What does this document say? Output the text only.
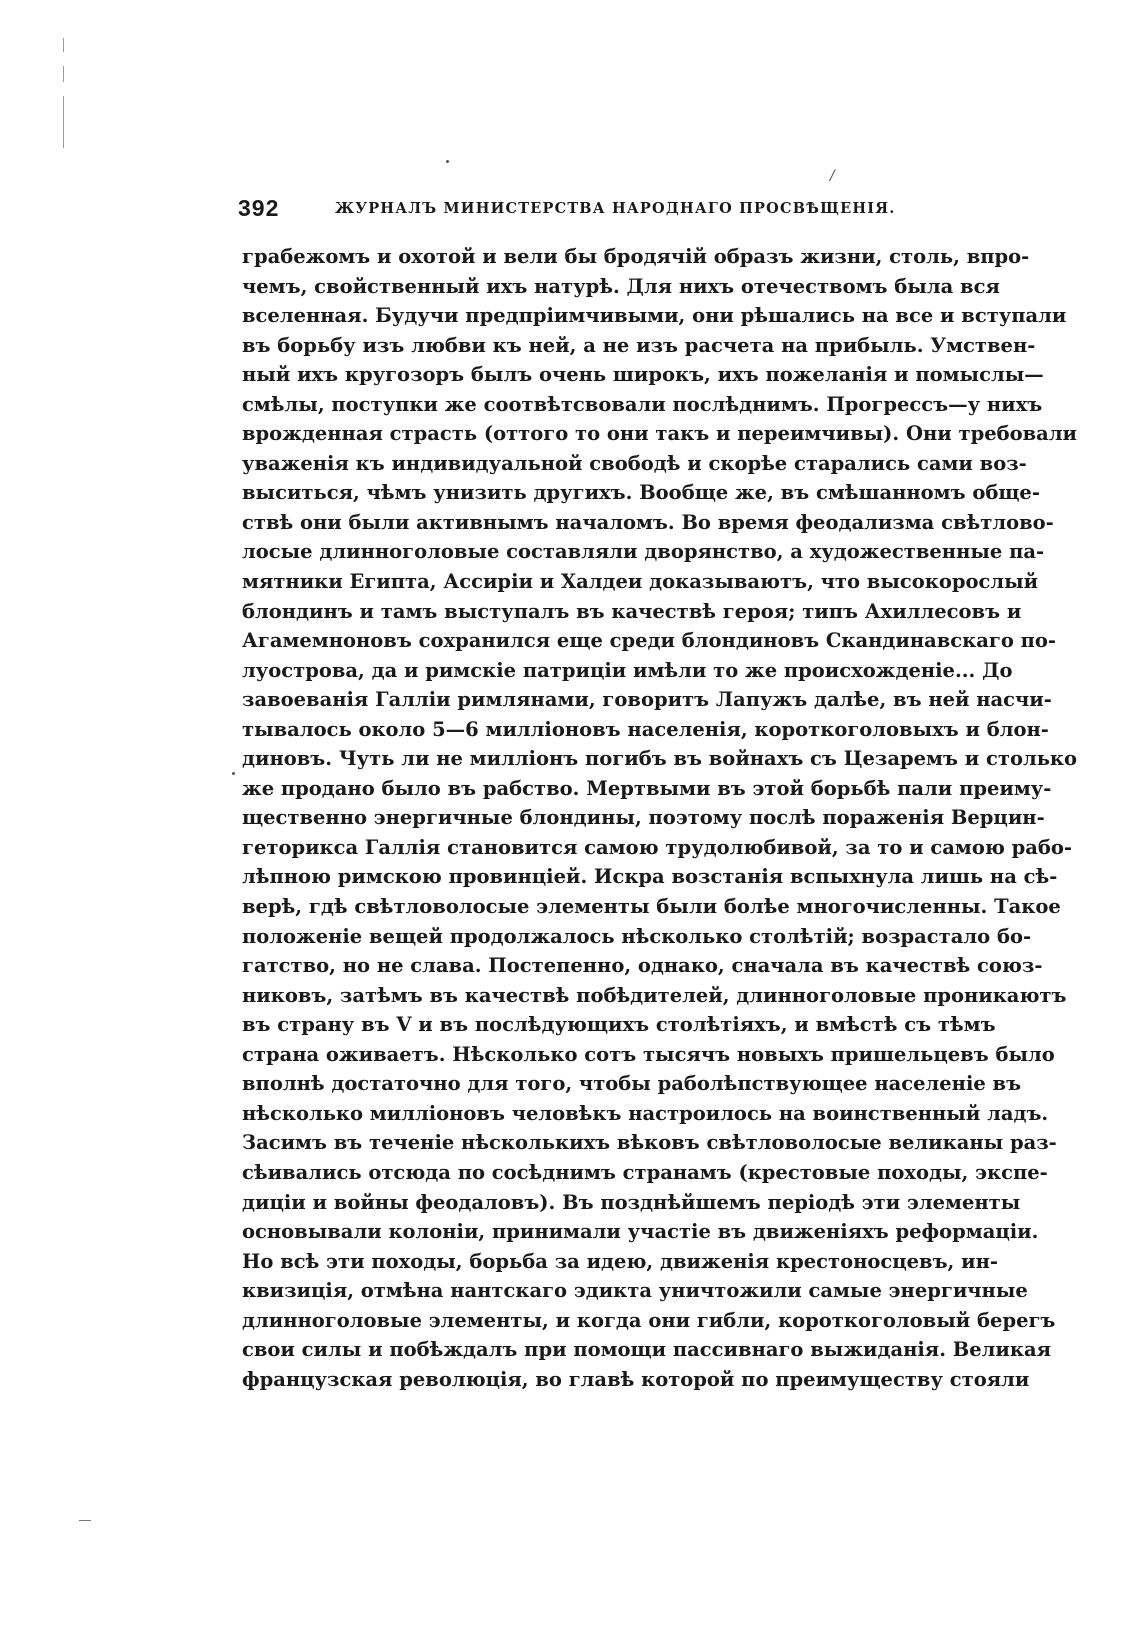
/
392	ЖУРНАЛЪ МИНИСТЕРСТВА НАРОДНАГО ПРОСВѢЩЕНІЯ.
грабежомъ и охотой и вели бы бродячій образъ жизни, столь, впро-
чемъ, свойственный ихъ натурѣ. Для нихъ отечествомъ была вся
вселенная. Будучи предпріимчивыми, они рѣшались на все и вступали
въ борьбу изъ любви къ ней, а не изъ расчета на прибыль. Умствен-
ный ихъ кругозоръ былъ очень широкъ, ихъ пожеланія и помыслы—
смѣлы, поступки же соотвѣтсвовали послѣднимъ. Прогрессъ—у нихъ
врожденная страсть (оттого то они такъ и переимчивы). Они требовали
уваженія къ индивидуальной свободѣ и скорѣе старались сами воз-
выситься, чѣмъ унизить другихъ. Вообще же, въ смѣшанномъ обще-
ствѣ они были активнымъ началомъ. Во время феодализма свѣтлово-
лосые длинноголовые составляли дворянство, а художественные па-
мятники Египта, Ассиріи и Халдеи доказываютъ, что высокорослый
блондинъ и тамъ выступалъ въ качествѣ героя; типъ Ахиллесовъ и
Агамемноновъ сохранился еще среди блондиновъ Скандинавскаго по-
луострова, да и римскіе патриціи имѣли то же происхожденіе... До
завоеванія Галліи римлянами, говоритъ Лапужъ далѣе, въ ней насчи-
тывалось около 5—6 милліоновъ населенія, короткоголовыхъ и блон-
диновъ. Чуть ли не милліонъ погибъ въ войнахъ съ Цезаремъ и столько
же продано было въ рабство. Мертвыми въ этой борьбѣ пали преиму-
щественно энергичные блондины, поэтому послѣ пораженія Верцин-
геторикса Галлія становится самою трудолюбивой, за то и самою рабо-
лѣпною римскою провинціей. Искра возстанія вспыхнула лишь на сѣ-
верѣ, гдѣ свѣтловолосые элементы были болѣе многочисленны. Такое
положеніе вещей продолжалось нѣсколько столѣтій; возрастало бо-
гатство, но не слава. Постепенно, однако, сначала въ качествѣ союз-
никовъ, затѣмъ въ качествѣ побѣдителей, длинноголовые проникаютъ
въ страну въ V и въ послѣдующихъ столѣтіяхъ, и вмѣстѣ съ тѣмъ
страна оживаетъ. Нѣсколько сотъ тысячъ новыхъ пришельцевъ было
вполнѣ достаточно для того, чтобы раболѣпствующее населеніе въ
нѣсколько милліоновъ человѣкъ настроилось на воинственный ладъ.
Засимъ въ теченіе нѣсколькихъ вѣковъ свѣтловолосые великаны раз-
сѣивались отсюда по сосѣднимъ странамъ (крестовые походы, экспе-
диціи и войны феодаловъ). Въ позднѣйшемъ періодѣ эти элементы
основывали колоніи, принимали участіе въ движеніяхъ реформаціи.
Но всѣ эти походы, борьба за идею, движенія крестоносцевъ, ин-
квизиція, отмѣна нантскаго эдикта уничтожили самые энергичные
длинноголовые элементы, и когда они гибли, короткоголовый берегъ
свои силы и побѣждалъ при помощи пассивнаго выжиданія. Великая
французская революція, во главѣ которой по преимуществу стояли
